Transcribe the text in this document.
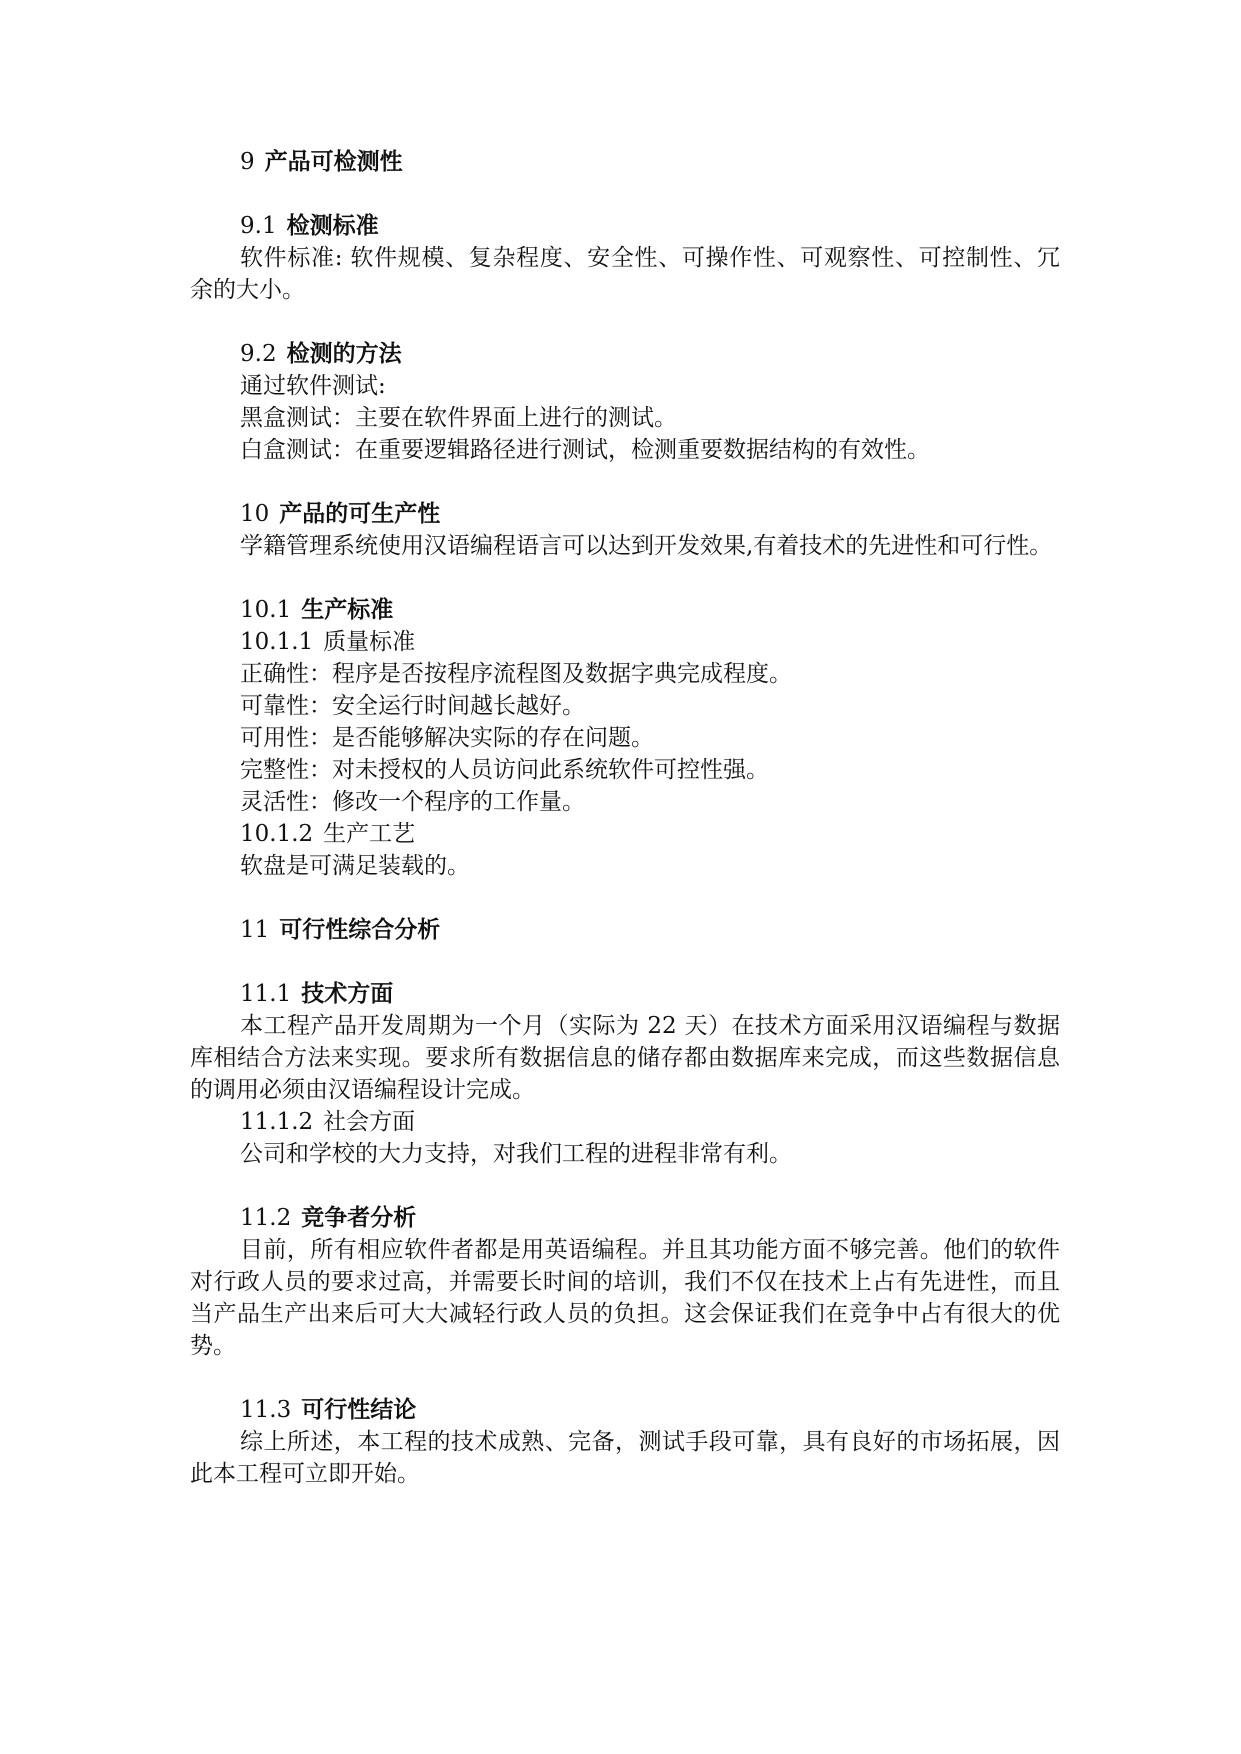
9 产品可检测性
9.1 检测标准

软件标准: 软件规模、复杂程度、安全性、可操作性、可观察性、可控制性、冗余的大小。

9.2 检测的方法

通过软件测试:

黑盒测试：主要在软件界面上进行的测试。

白盒测试：在重要逻辑路径进行测试，检测重要数据结构的有效性。

10 产品的可生产性

学籍管理系统使用汉语编程语言可以达到开发效果,有着技术的先进性和可行性。

10.1 生产标准
10.1.1 质量标准

正确性：程序是否按程序流程图及数据字典完成程度。

可靠性：安全运行时间越长越好。

可用性：是否能够解决实际的存在问题。

完整性：对未授权的人员访问此系统软件可控性强。

灵活性：修改一个程序的工作量。

10.1.2 生产工艺

软盘是可满足装载的。

11 可行性综合分析
11.1 技术方面

本工程产品开发周期为一个月（实际为 22 天）在技术方面采用汉语编程与数据库相结合方法来实现。要求所有数据信息的储存都由数据库来完成，而这些数据信息的调用必须由汉语编程设计完成。

11.1.2 社会方面

公司和学校的大力支持，对我们工程的进程非常有利。

11.2 竞争者分析

目前，所有相应软件者都是用英语编程。并且其功能方面不够完善。他们的软件对行政人员的要求过高，并需要长时间的培训，我们不仅在技术上占有先进性，而且当产品生产出来后可大大减轻行政人员的负担。这会保证我们在竞争中占有很大的优势。

11.3 可行性结论

综上所述，本工程的技术成熟、完备，测试手段可靠，具有良好的市场拓展，因此本工程可立即开始。
